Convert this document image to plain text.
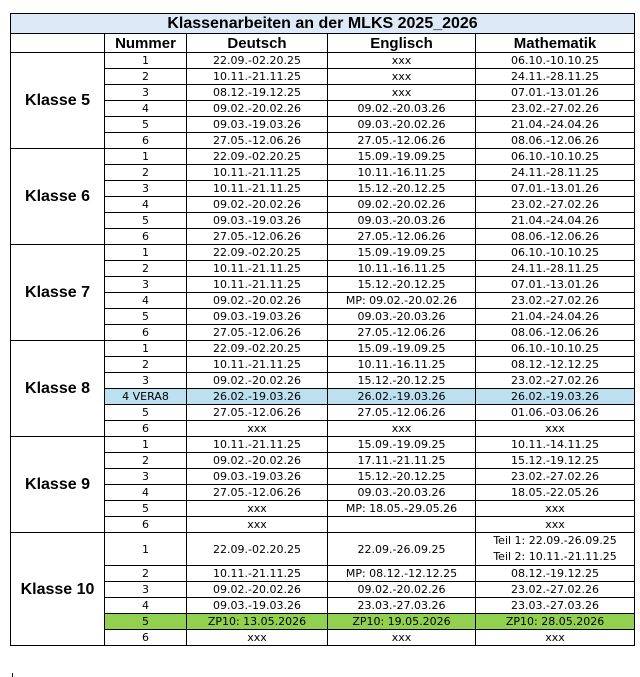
Klassenarbeiten an der MLKS 2025_2026				
	Nummer	Deutsch	Englisch	Mathematik
Klasse 5	1	22.09.-02.20.25	xxx	06.10.-10.10.25
	2	10.11.-21.11.25	xxx	24.11.-28.11.25
	3	08.12.-19.12.25	xxx	07.01.-13.01.26
	4	09.02.-20.02.26	09.02.-20.03.26	23.02.-27.02.26
	5	09.03.-19.03.26	09.03.-20.02.26	21.04.-24.04.26
	6	27.05.-12.06.26	27.05.-12.06.26	08.06.-12.06.26
Klasse 6	1	22.09.-02.20.25	15.09.-19.09.25	06.10.-10.10.25
	2	10.11.-21.11.25	10.11.-16.11.25	24.11.-28.11.25
	3	10.11.-21.11.25	15.12.-20.12.25	07.01.-13.01.26
	4	09.02.-20.02.26	09.02.-20.02.26	23.02.-27.02.26
	5	09.03.-19.03.26	09.03.-20.03.26	21.04.-24.04.26
	6	27.05.-12.06.26	27.05.-12.06.26	08.06.-12.06.26
Klasse 7	1	22.09.-02.20.25	15.09.-19.09.25	06.10.-10.10.25
	2	10.11.-21.11.25	10.11.-16.11.25	24.11.-28.11.25
	3	10.11.-21.11.25	15.12.-20.12.25	07.01.-13.01.26
	4	09.02.-20.02.26	MP: 09.02.-20.02.26	23.02.-27.02.26
	5	09.03.-19.03.26	09.03.-20.03.26	21.04.-24.04.26
	6	27.05.-12.06.26	27.05.-12.06.26	08.06.-12.06.26
Klasse 8	1	22.09.-02.20.25	15.09.-19.09.25	06.10.-10.10.25
	2	10.11.-21.11.25	10.11.-16.11.25	08.12.-12.12.25
	3	09.02.-20.02.26	15.12.-20.12.25	23.02.-27.02.26
	4 VERA8	26.02.-19.03.26	26.02.-19.03.26	26.02.-19.03.26
	5	27.05.-12.06.26	27.05.-12.06.26	01.06.-03.06.26
	6	xxx	xxx	xxx
Klasse 9	1	10.11.-21.11.25	15.09.-19.09.25	10.11.-14.11.25
	2	09.02.-20.02.26	17.11.-21.11.25	15.12.-19.12.25
	3	09.03.-19.03.26	15.12.-20.12.25	23.02.-27.02.26
	4	27.05.-12.06.26	09.03.-20.03.26	18.05.-22.05.26
	5	xxx	MP: 18.05.-29.05.26	xxx
	6	xxx		xxx
Klasse 10	1	22.09.-02.20.25	22.09.-26.09.25	Teil 1: 22.09.-26.09.25
Teil 2: 10.11.-21.11.25

	2	10.11.-21.11.25	MP: 08.12.-12.12.25	08.12.-19.12.25
	3	09.02.-20.02.26	09.02.-20.02.26	23.02.-27.02.26
	4	09.03.-19.03.26	23.03.-27.03.26	23.03.-27.03.26
	5	ZP10: 13.05.2026	ZP10: 19.05.2026	ZP10: 28.05.2026
	6	xxx	xxx	xxx
